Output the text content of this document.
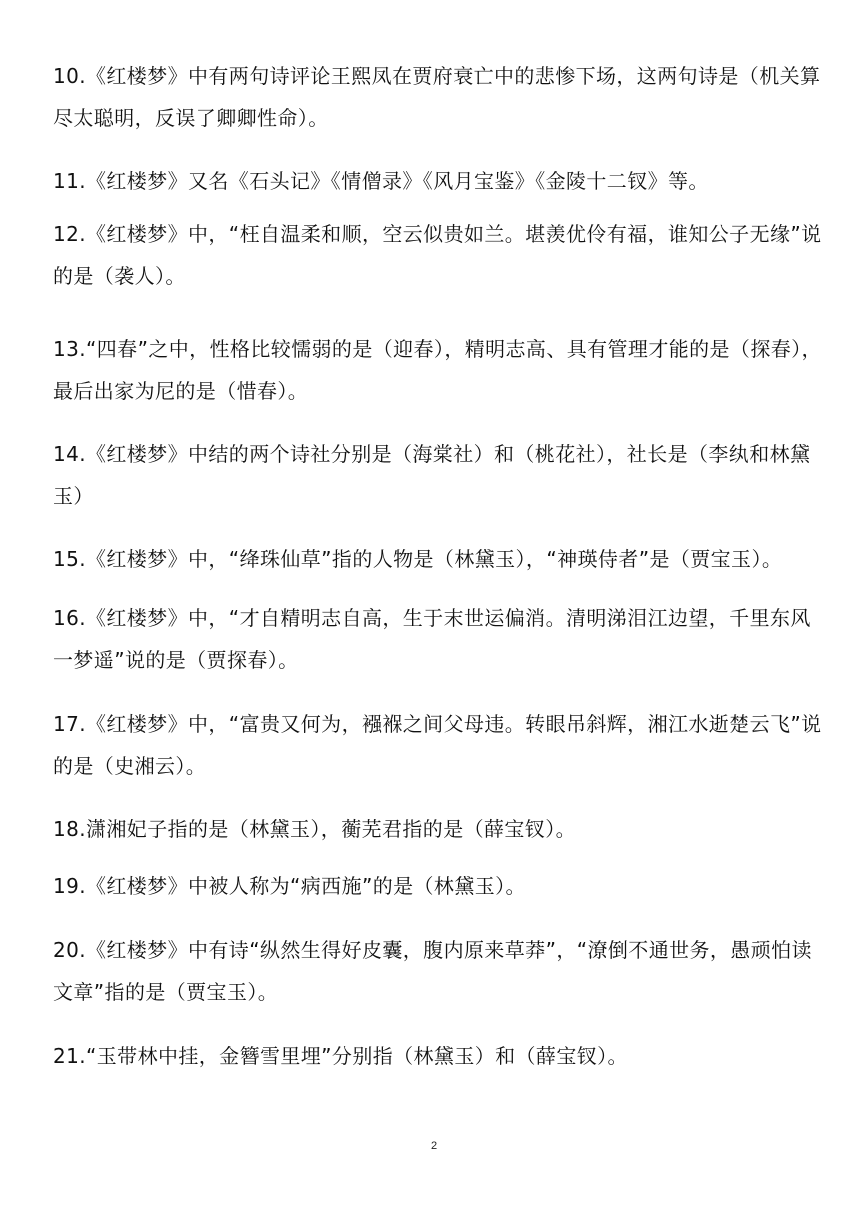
10.《红楼梦》中有两句诗评论王熙凤在贾府衰亡中的悲惨下场，这两句诗是（机关算尽太聪明，反误了卿卿性命）。

11.《红楼梦》又名《石头记》《情僧录》《风月宝鉴》《金陵十二钗》等。

12.《红楼梦》中，“枉自温柔和顺，空云似贵如兰。堪羡优伶有福，谁知公子无缘”说的是（袭人）。

13.“四春”之中，性格比较懦弱的是（迎春），精明志高、具有管理才能的是（探春），最后出家为尼的是（惜春）。

14.《红楼梦》中结的两个诗社分别是（海棠社）和（桃花社），社长是（李纨和林黛玉）

15.《红楼梦》中，“绛珠仙草”指的人物是（林黛玉），“神瑛侍者”是（贾宝玉）。

16.《红楼梦》中，“才自精明志自高，生于末世运偏消。清明涕泪江边望，千里东风一梦遥”说的是（贾探春）。

17.《红楼梦》中，“富贵又何为，襁褓之间父母违。转眼吊斜辉，湘江水逝楚云飞”说的是（史湘云）。

18.潇湘妃子指的是（林黛玉），蘅芜君指的是（薛宝钗）。

19.《红楼梦》中被人称为“病西施”的是（林黛玉）。

20.《红楼梦》中有诗“纵然生得好皮囊，腹内原来草莽”，“潦倒不通世务，愚顽怕读文章”指的是（贾宝玉）。

21.“玉带林中挂，金簪雪里埋”分别指（林黛玉）和（薛宝钗）。

2
